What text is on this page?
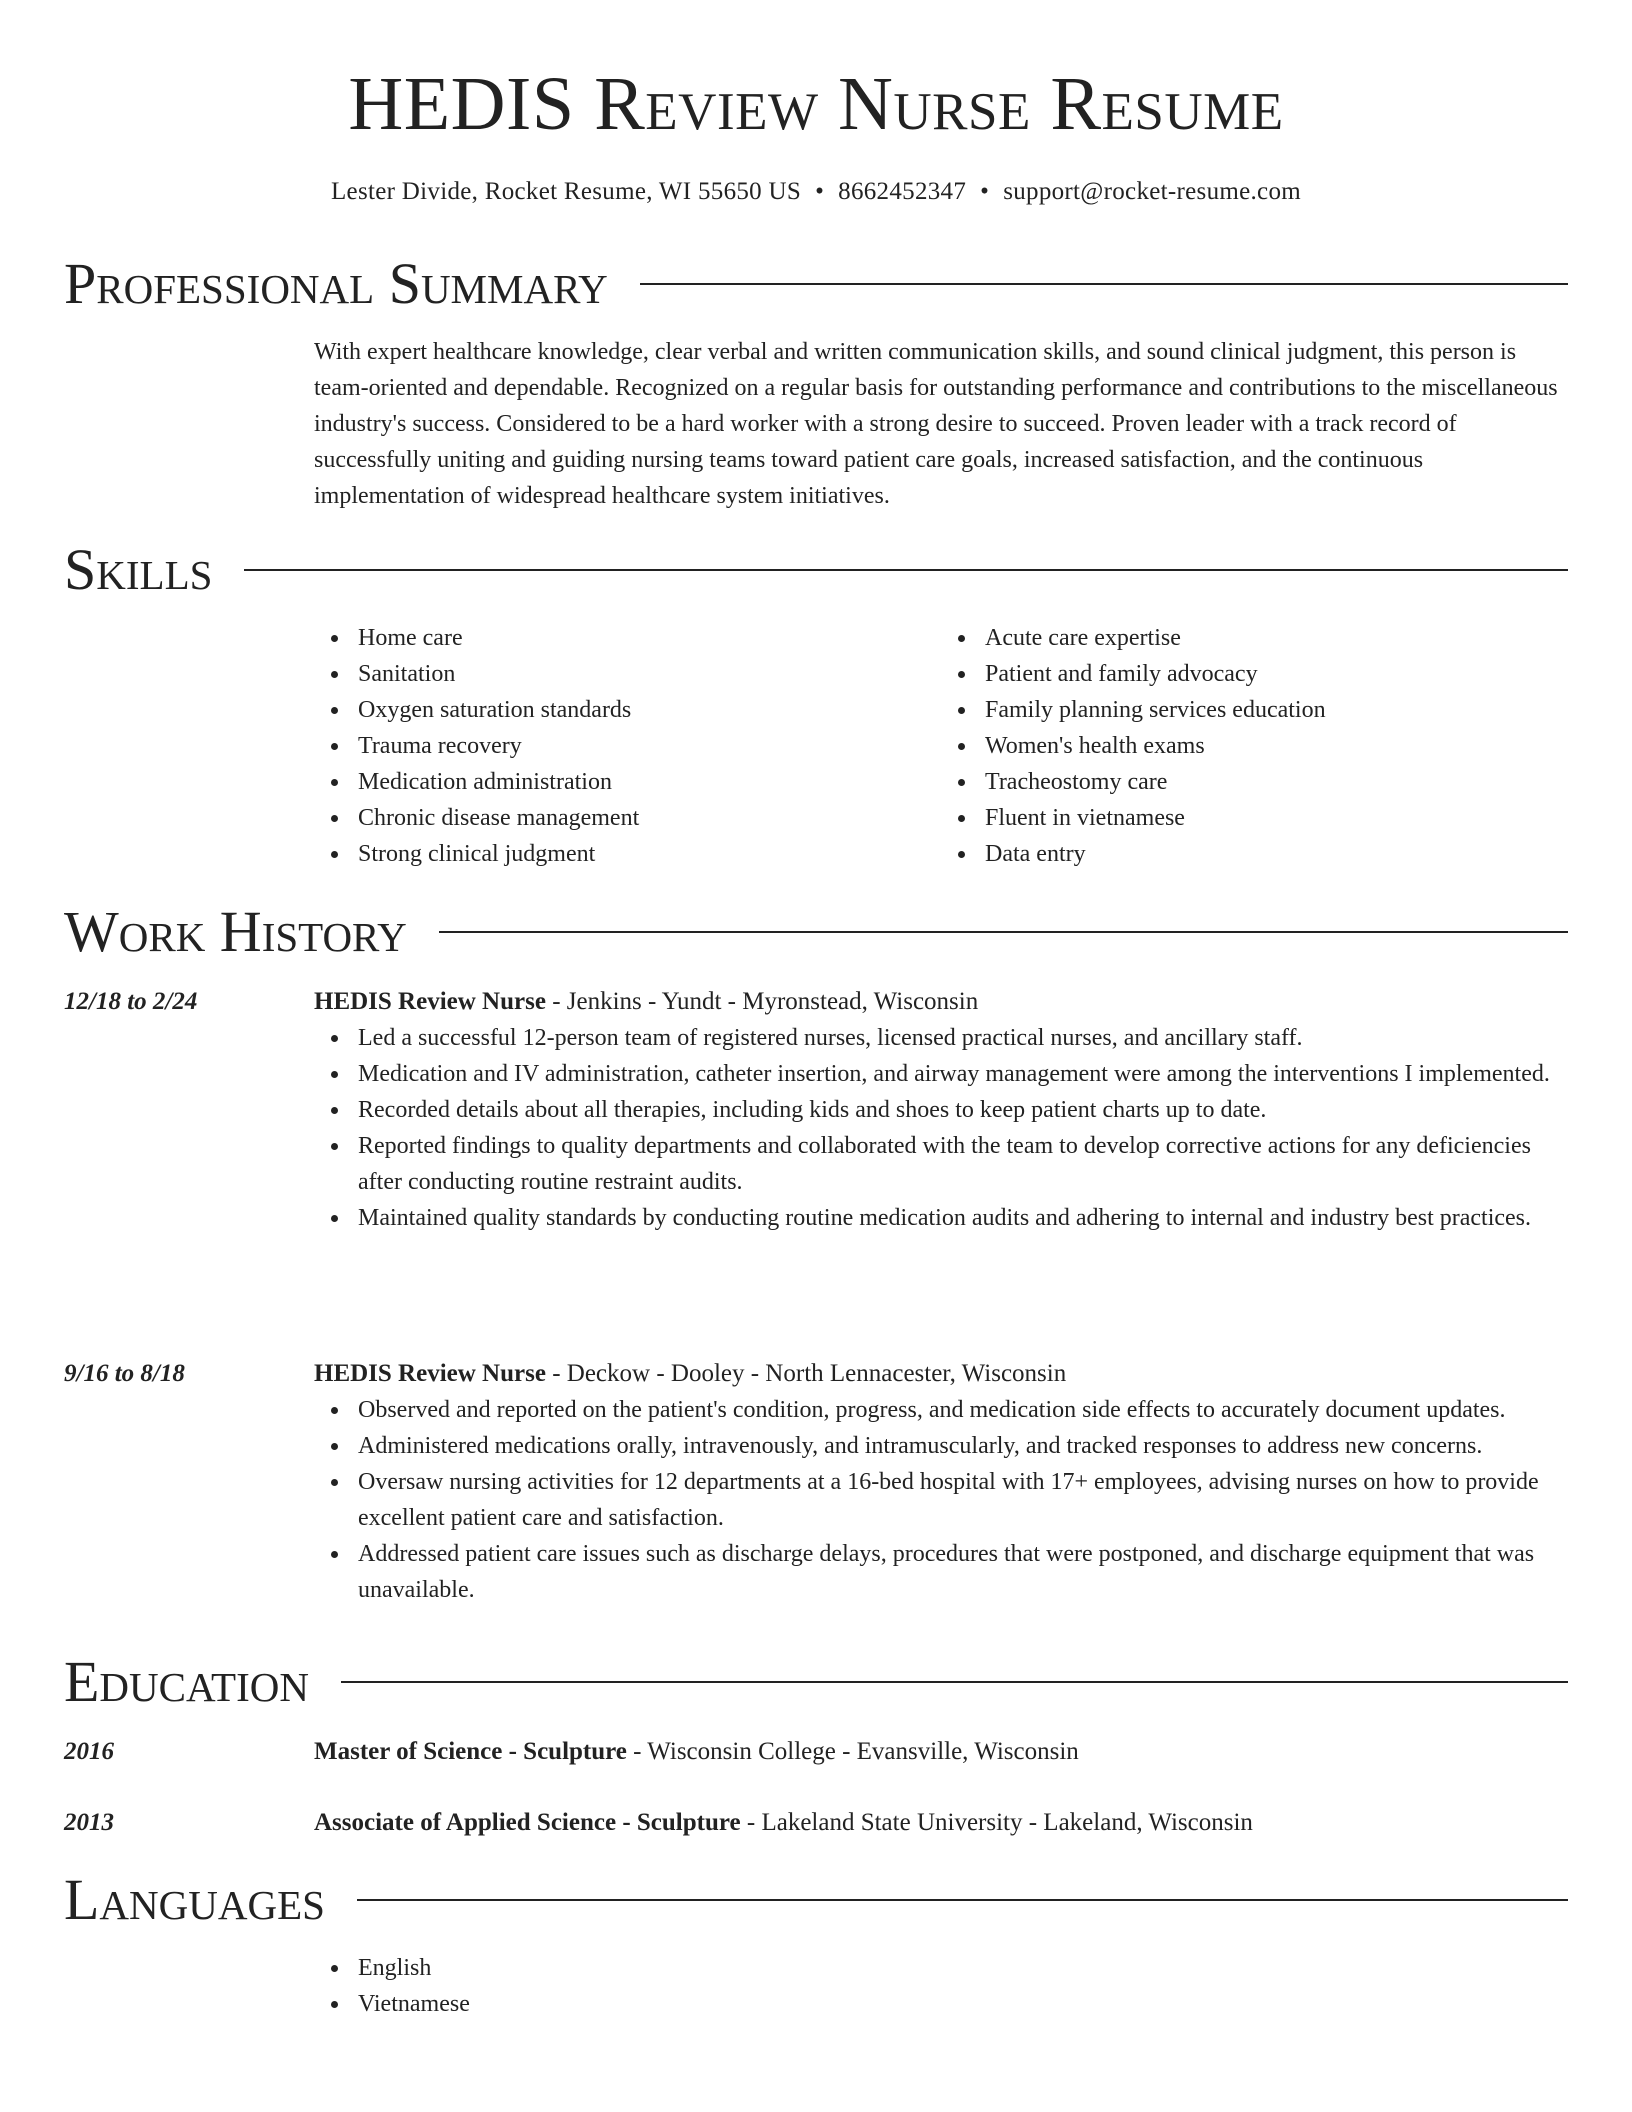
HEDIS Review Nurse Resume
Lester Divide, Rocket Resume, WI 55650 US • 8662452347 • support@rocket-resume.com
Professional Summary

With expert healthcare knowledge, clear verbal and written communication skills, and sound clinical judgment, this person is team-oriented and dependable. Recognized on a regular basis for outstanding performance and contributions to the miscellaneous industry's success. Considered to be a hard worker with a strong desire to succeed. Proven leader with a track record of successfully uniting and guiding nursing teams toward patient care goals, increased satisfaction, and the continuous implementation of widespread healthcare system initiatives.

Skills
Home care
Sanitation
Oxygen saturation standards
Trauma recovery
Medication administration
Chronic disease management
Strong clinical judgment
Acute care expertise
Patient and family advocacy
Family planning services education
Women's health exams
Tracheostomy care
Fluent in vietnamese
Data entry
Work History
12/18 to 2/24	HEDIS Review Nurse - Jenkins - Yundt - Myronstead, Wisconsin
Led a successful 12-person team of registered nurses, licensed practical nurses, and ancillary staff.
Medication and IV administration, catheter insertion, and airway management were among the interventions I implemented.
Recorded details about all therapies, including kids and shoes to keep patient charts up to date.
Reported findings to quality departments and collaborated with the team to develop corrective actions for any deficiencies after conducting routine restraint audits.
Maintained quality standards by conducting routine medication audits and adhering to internal and industry best practices.
9/16 to 8/18	HEDIS Review Nurse - Deckow - Dooley - North Lennacester, Wisconsin
Observed and reported on the patient's condition, progress, and medication side effects to accurately document updates.
Administered medications orally, intravenously, and intramuscularly, and tracked responses to address new concerns.
Oversaw nursing activities for 12 departments at a 16-bed hospital with 17+ employees, advising nurses on how to provide excellent patient care and satisfaction.
Addressed patient care issues such as discharge delays, procedures that were postponed, and discharge equipment that was unavailable.
Education
2016	Master of Science - Sculpture - Wisconsin College - Evansville, Wisconsin
2013	Associate of Applied Science - Sculpture - Lakeland State University - Lakeland, Wisconsin
Languages
English
Vietnamese
